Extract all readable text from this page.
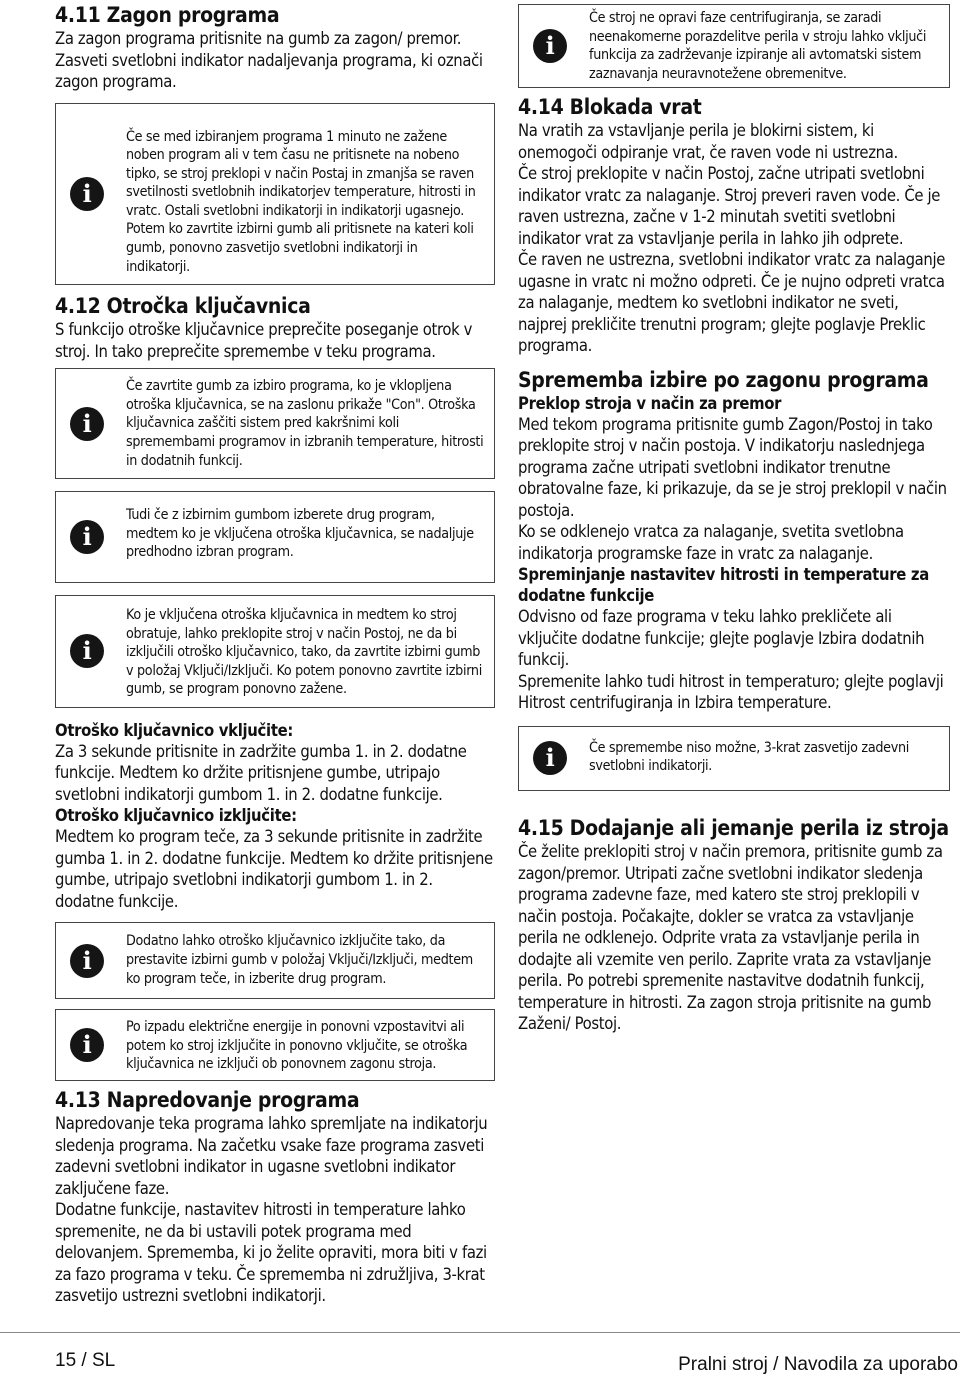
4.11 Zagon programa

Za zagon programa pritisnite na gumb za zagon/ premor. Zasveti svetlobni indikator nadaljevanja programa, ki označi zagon programa.

i

Če se med izbiranjem programa 1 minuto ne zažene noben program ali v tem času ne pritisnete na nobeno tipko, se stroj preklopi v način Postaj in zmanjša se raven svetilnosti svetlobnih indikatorjev temperature, hitrosti in vratc. Ostali svetlobni indikatorji in indikatorji ugasnejo. Potem ko zavrtite izbirni gumb ali pritisnete na kateri koli gumb, ponovno zasvetijo svetlobni indikatorji in indikatorji.

4.12 Otročka ključavnica

S funkcijo otroške ključavnice preprečite poseganje otrok v stroj. In tako preprečite spremembe v teku programa.

i

Če zavrtite gumb za izbiro programa, ko je vklopljena otroška ključavnica, se na zaslonu prikaže "Con". Otroška ključavnica zaščiti sistem pred kakršnimi koli spremembami programov in izbranih temperature, hitrosti in dodatnih funkcij.

i

Tudi če z izbirnim gumbom izberete drug program, medtem ko je vključena otroška ključavnica, se nadaljuje predhodno izbran program.

i

Ko je vključena otroška ključavnica in medtem ko stroj obratuje, lahko preklopite stroj v način Postoj, ne da bi izključili otroško ključavnico, tako, da zavrtite izbirni gumb v položaj Vključi/Izključi. Ko potem ponovno zavrtite izbirni gumb, se program ponovno zažene.

Otroško ključavnico vključite:

Za 3 sekunde pritisnite in zadržite gumba 1. in 2. dodatne funkcije. Medtem ko držite pritisnjene gumbe, utripajo svetlobni indikatorji gumbom 1. in 2. dodatne funkcije.

Otroško ključavnico izključite:

Medtem ko program teče, za 3 sekunde pritisnite in zadržite gumba 1. in 2. dodatne funkcije. Medtem ko držite pritisnjene gumbe, utripajo svetlobni indikatorji gumbom 1. in 2. dodatne funkcije.

i

Dodatno lahko otroško ključavnico izključite tako, da prestavite izbirni gumb v položaj Vključi/Izključi, medtem ko program teče, in izberite drug program.

i

Po izpadu električne energije in ponovni vzpostavitvi ali potem ko stroj izključite in ponovno vključite, se otroška ključavnica ne izključi ob ponovnem zagonu stroja.

4.13 Napredovanje programa

Napredovanje teka programa lahko spremljate na indikatorju sledenja programa. Na začetku vsake faze programa zasveti zadevni svetlobni indikator in ugasne svetlobni indikator zaključene faze.

Dodatne funkcije, nastavitev hitrosti in temperature lahko spremenite, ne da bi ustavili potek programa med delovanjem. Sprememba, ki jo želite opraviti, mora biti v fazi za fazo programa v teku. Če sprememba ni združljiva, 3-krat zasvetijo ustrezni svetlobni indikatorji.

i

Če stroj ne opravi faze centrifugiranja, se zaradi neenakomerne porazdelitve perila v stroju lahko vključi funkcija za zadrževanje izpiranje ali avtomatski sistem zaznavanja neuravnotežene obremenitve.

4.14 Blokada vrat

Na vratih za vstavljanje perila je blokirni sistem, ki onemogoči odpiranje vrat, če raven vode ni ustrezna.

Če stroj preklopite v način Postoj, začne utripati svetlobni indikator vratc za nalaganje. Stroj preveri raven vode. Če je raven ustrezna, začne v 1-2 minutah svetiti svetlobni indikator vrat za vstavljanje perila in lahko jih odprete.

Če raven ne ustrezna, svetlobni indikator vratc za nalaganje ugasne in vratc ni možno odpreti. Če je nujno odpreti vratca za nalaganje, medtem ko svetlobni indikator ne sveti, najprej prekličite trenutni program; glejte poglavje Preklic programa.

Sprememba izbire po zagonu programa
Preklop stroja v način za premor

Med tekom programa pritisnite gumb Zagon/Postoj in tako preklopite stroj v način postoja. V indikatorju naslednjega programa začne utripati svetlobni indikator trenutne obratovalne faze, ki prikazuje, da se je stroj preklopil v način postoja.

Ko se odklenejo vratca za nalaganje, svetita svetlobna indikatorja programske faze in vratc za nalaganje.

Spreminjanje nastavitev hitrosti in temperature za dodatne funkcije

Odvisno od faze programa v teku lahko prekličete ali vključite dodatne funkcije; glejte poglavje Izbira dodatnih funkcij.

Spremenite lahko tudi hitrost in temperaturo; glejte poglavji Hitrost centrifugiranja in Izbira temperature.

i	Če spremembe niso možne, 3-krat zasvetijo zadevni svetlobni indikatorji.

4.15 Dodajanje ali jemanje perila iz stroja

Če želite preklopiti stroj v način premora, pritisnite gumb za zagon/premor. Utripati začne svetlobni indikator sledenja programa zadevne faze, med katero ste stroj preklopili v način postoja. Počakajte, dokler se vratca za vstavljanje perila ne odklenejo. Odprite vrata za vstavljanje perila in dodajte ali vzemite ven perilo. Zaprite vrata za vstavljanje perila. Po potrebi spremenite nastavitve dodatnih funkcij, temperature in hitrosti. Za zagon stroja pritisnite na gumb Zaženi/ Postoj.

15 / SL	Pralni stroj / Navodila za uporabo
